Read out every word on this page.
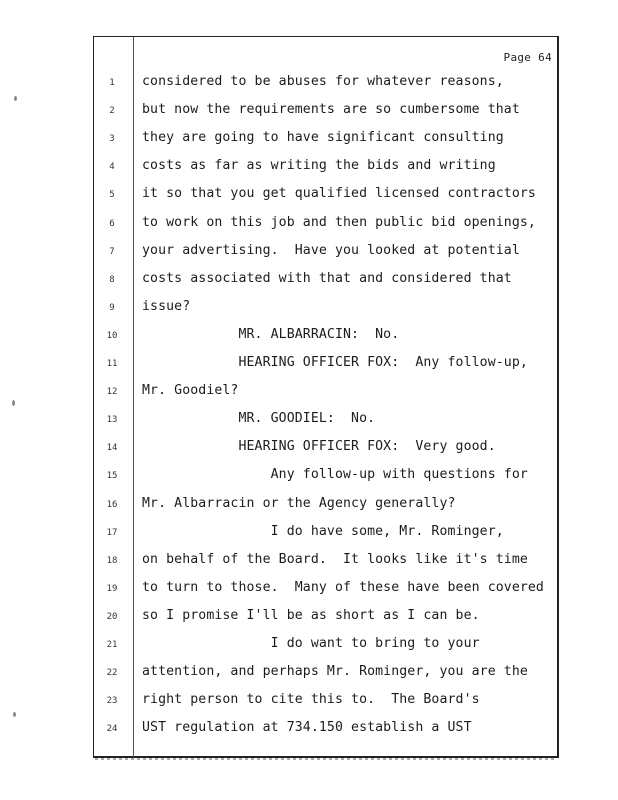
Page 64
1	considered to be abuses for whatever reasons,
2	but now the requirements are so cumbersome that
3	they are going to have significant consulting
4	costs as far as writing the bids and writing
5	it so that you get qualified licensed contractors
6	to work on this job and then public bid openings,
7	your advertising.  Have you looked at potential
8	costs associated with that and considered that
9	issue?
10 MR. ALBARRACIN:  No.
11 HEARING OFFICER FOX:  Any follow-up,
12 Mr. Goodiel?
13 MR. GOODIEL:  No.
14 HEARING OFFICER FOX:  Very good.
15 Any follow-up with questions for
16 Mr. Albarracin or the Agency generally?
17 I do have some, Mr. Rominger,
18 on behalf of the Board.  It looks like it's time
19 to turn to those.  Many of these have been covered
20 so I promise I'll be as short as I can be.
21 I do want to bring to your
22 attention, and perhaps Mr. Rominger, you are the
23 right person to cite this to.  The Board's
24 UST regulation at 734.150 establish a UST
